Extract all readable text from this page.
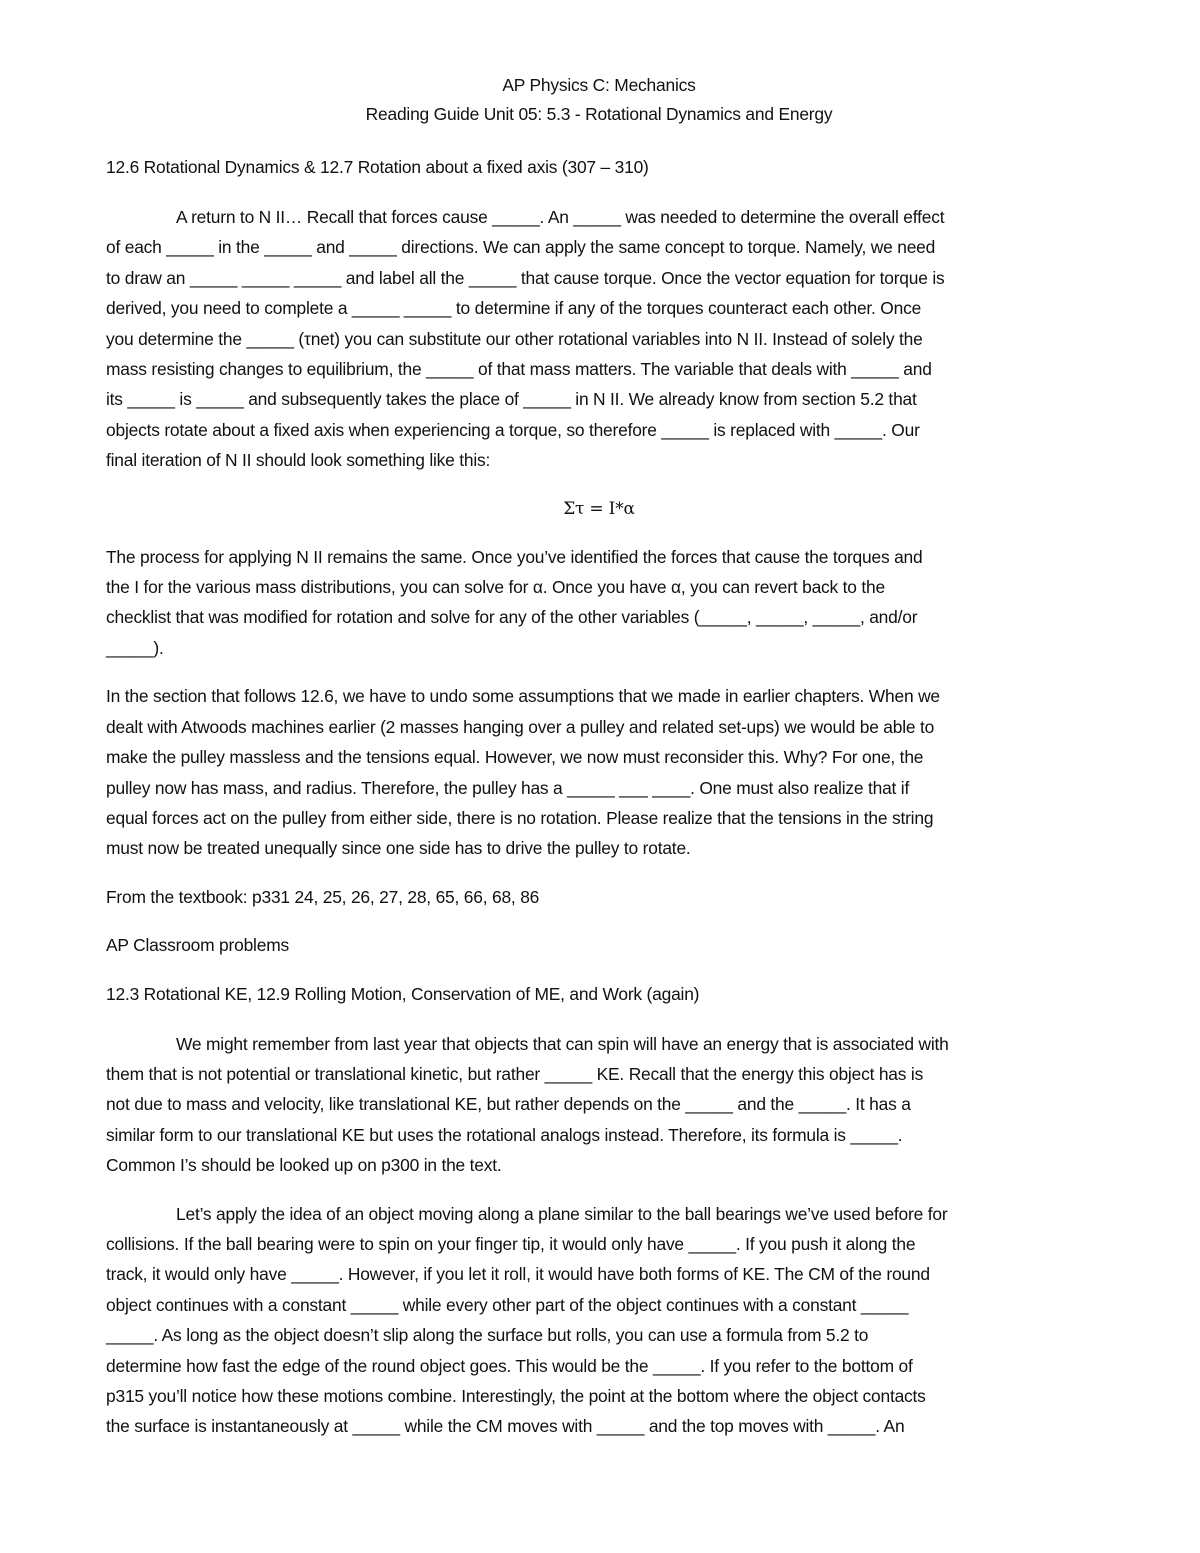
AP Physics C: Mechanics
Reading Guide Unit 05: 5.3 - Rotational Dynamics and Energy
12.6 Rotational Dynamics & 12.7 Rotation about a fixed axis (307 – 310)

A return to N II… Recall that forces cause _____. An _____ was needed to determine the overall effect

of each _____ in the _____ and _____ directions. We can apply the same concept to torque. Namely, we need

to draw an _____ _____ _____ and label all the _____ that cause torque. Once the vector equation for torque is

derived, you need to complete a _____ _____ to determine if any of the torques counteract each other. Once

you determine the _____ (τnet) you can substitute our other rotational variables into N II. Instead of solely the

mass resisting changes to equilibrium, the _____ of that mass matters. The variable that deals with _____ and

its _____ is _____ and subsequently takes the place of _____ in N II. We already know from section 5.2 that

objects rotate about a fixed axis when experiencing a torque, so therefore _____ is replaced with _____. Our

final iteration of N II should look something like this:

Στ = I*α

The process for applying N II remains the same. Once you’ve identified the forces that cause the torques and

the I for the various mass distributions, you can solve for α. Once you have α, you can revert back to the

checklist that was modified for rotation and solve for any of the other variables (_____, _____, _____, and/or

_____).

In the section that follows 12.6, we have to undo some assumptions that we made in earlier chapters. When we

dealt with Atwoods machines earlier (2 masses hanging over a pulley and related set-ups) we would be able to

make the pulley massless and the tensions equal. However, we now must reconsider this. Why? For one, the

pulley now has mass, and radius. Therefore, the pulley has a _____ ___ ____. One must also realize that if

equal forces act on the pulley from either side, there is no rotation. Please realize that the tensions in the string

must now be treated unequally since one side has to drive the pulley to rotate.

From the textbook: p331 24, 25, 26, 27, 28, 65, 66, 68, 86

AP Classroom problems

12.3 Rotational KE, 12.9 Rolling Motion, Conservation of ME, and Work (again)

We might remember from last year that objects that can spin will have an energy that is associated with

them that is not potential or translational kinetic, but rather _____ KE. Recall that the energy this object has is

not due to mass and velocity, like translational KE, but rather depends on the _____ and the _____. It has a

similar form to our translational KE but uses the rotational analogs instead. Therefore, its formula is _____.

Common I’s should be looked up on p300 in the text.

Let’s apply the idea of an object moving along a plane similar to the ball bearings we’ve used before for

collisions. If the ball bearing were to spin on your finger tip, it would only have _____. If you push it along the

track, it would only have _____. However, if you let it roll, it would have both forms of KE. The CM of the round

object continues with a constant _____ while every other part of the object continues with a constant _____

_____. As long as the object doesn’t slip along the surface but rolls, you can use a formula from 5.2 to

determine how fast the edge of the round object goes. This would be the _____. If you refer to the bottom of

p315 you’ll notice how these motions combine. Interestingly, the point at the bottom where the object contacts

the surface is instantaneously at _____ while the CM moves with _____ and the top moves with _____. An
